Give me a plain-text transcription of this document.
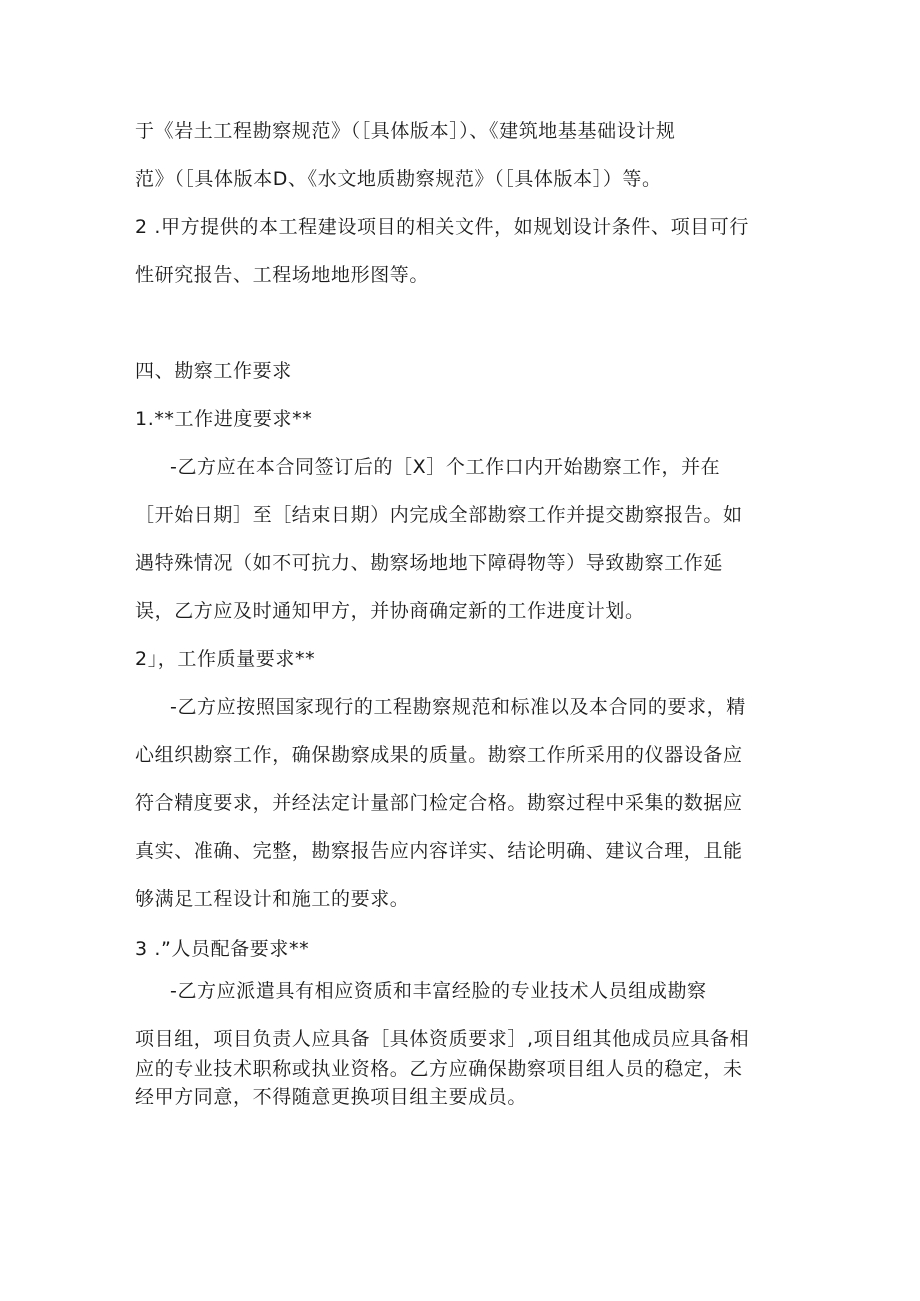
于《岩土工程勘察规范》（［具体版本］）、《建筑地基基础设计规
范》（［具体版本D、《水文地质勘察规范》（［具体版本］）等。
2 .甲方提供的本工程建设项目的相关文件，如规划设计条件、项目可行
性研究报告、工程场地地形图等。
四、勘察工作要求
1.**工作进度要求**
-乙方应在本合同签订后的［X］个工作口内开始勘察工作，并在
［开始日期］至［结束日期）内完成全部勘察工作并提交勘察报告。如
遇特殊情况（如不可抗力、勘察场地地下障碍物等）导致勘察工作延
误，乙方应及时通知甲方，并协商确定新的工作进度计划。
2」，工作质量要求**
-乙方应按照国家现行的工程勘察规范和标准以及本合同的要求，精
心组织勘察工作，确保勘察成果的质量。勘察工作所采用的仪器设备应
符合精度要求，并经法定计量部门检定合格。勘察过程中采集的数据应
真实、准确、完整，勘察报告应内容详实、结论明确、建议合理，且能
够满足工程设计和施工的要求。
3 .”人员配备要求**
-乙方应派遣具有相应资质和丰富经脸的专业技术人员组成勘察
项目组，项目负责人应具备［具体资质要求］,项目组其他成员应具备相
应的专业技术职称或执业资格。乙方应确保勘察项目组人员的稳定，未
经甲方同意，不得随意更换项目组主要成员。
